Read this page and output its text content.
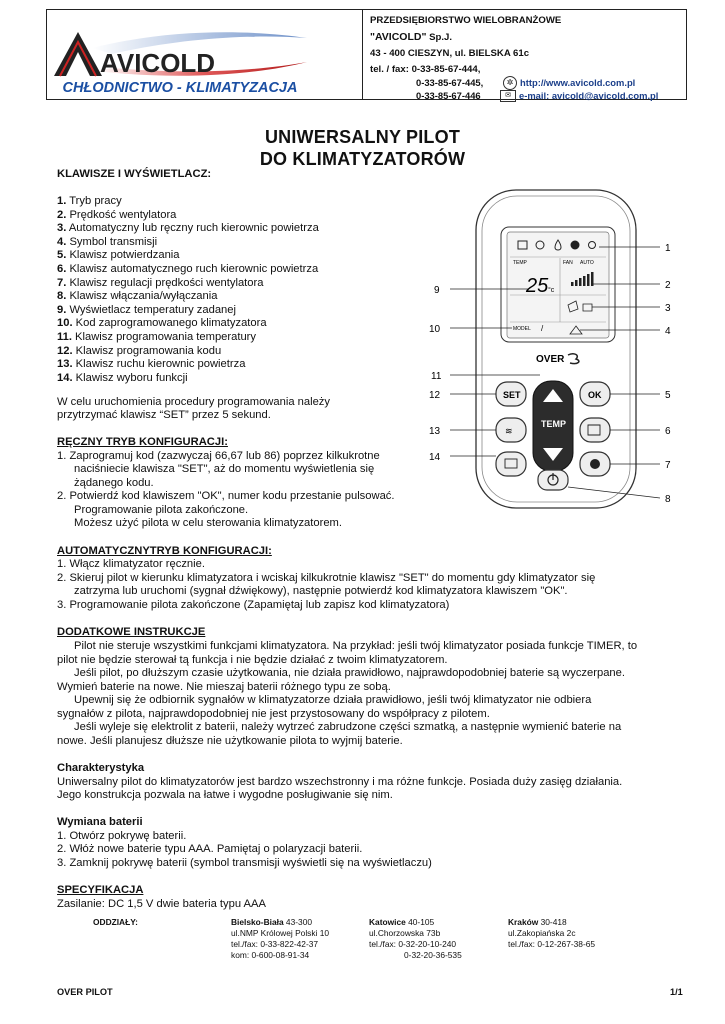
AVICOLD
CHŁODNICTWO - KLIMATYZACJA
PRZEDSIĘBIORSTWO WIELOBRANŻOWE
"AVICOLD" Sp.J.
43 - 400 CIESZYN, ul. BIELSKA 61c
tel. / fax: 0-33-85-67-444,
0-33-85-67-445,
0-33-85-67-446
✲ http://www.avicold.com.pl
✉ e-mail: avicold@avicold.com.pl
UNIWERSALNY PILOT
DO KLIMATYZATORÓW
KLAWISZE I WYŚWIETLACZ:
1. Tryb pracy
2. Prędkość wentylatora
3. Automatyczny lub ręczny ruch kierownic powietrza
4. Symbol transmisji
5. Klawisz potwierdzania
6. Klawisz automatycznego ruch kierownic powietrza
7. Klawisz regulacji prędkości wentylatora
8. Klawisz włączania/wyłączania
9. Wyświetlacz temperatury zadanej
10. Kod zaprogramowanego klimatyzatora
11. Klawisz programowania temperatury
12. Klawisz programowania kodu
13. Klawisz ruchu kierownic powietrza
14. Klawisz wyboru funkcji
W celu uruchomienia procedury programowania należy
przytrzymać klawisz “SET” przez 5 sekund.
RĘCZNY TRYB KONFIGURACJI:
1. Zaprogramuj kod (zazwyczaj 66,67 lub 86) poprzez kilkukrotne
naciśniecie klawisza "SET", aż do momentu wyświetlenia się
żądanego kodu.
2. Potwierdź kod klawiszem "OK", numer kodu przestanie pulsować.
Programowanie pilota zakończone.
Możesz użyć pilota w celu sterowania klimatyzatorem.
AUTOMATYCZNYTRYB KONFIGURACJI:
1. Włącz klimatyzator ręcznie.
2. Skieruj pilot w kierunku klimatyzatora i wciskaj kilkukrotnie klawisz "SET" do momentu gdy klimatyzator się
zatrzyma lub uruchomi (sygnał dźwiękowy), następnie potwierdź kod klimatyzatora klawiszem "OK".
3. Programowanie pilota zakończone (Zapamiętaj lub zapisz kod klimatyzatora)
DODATKOWE INSTRUKCJE
Pilot nie steruje wszystkimi funkcjami klimatyzatora. Na przykład: jeśli twój klimatyzator posiada funkcje TIMER, to
pilot nie będzie sterował tą funkcja i nie będzie działać z twoim klimatyzatorem.
Jeśli pilot, po dłuższym czasie użytkowania, nie działa prawidłowo, najprawdopodobniej baterie są wyczerpane.
Wymień baterie na nowe. Nie mieszaj baterii różnego typu ze sobą.
Upewnij się że odbiornik sygnałów w klimatyzatorze działa prawidłowo, jeśli twój klimatyzator nie odbiera
sygnałów z pilota, najprawdopodobniej nie jest przystosowany do współpracy z pilotem.
Jeśli wyleje się elektrolit z baterii, należy wytrzeć zabrudzone części szmatką, a następnie wymienić baterie na
nowe. Jeśli planujesz dłuższe nie użytkowanie pilota to wyjmij baterie.
Charakterystyka
Uniwersalny pilot do klimatyzatorów jest bardzo wszechstronny i ma różne funkcje. Posiada duży zasięg działania.
Jego konstrukcja pozwala na łatwe i wygodne posługiwanie się nim.
Wymiana baterii
1. Otwórz pokrywę baterii.
2. Włóż nowe baterie typu AAA. Pamiętaj o polaryzacji baterii.
3. Zamknij pokrywę baterii (symbol transmisji wyświetli się na wyświetlaczu)
SPECYFIKACJA
Zasilanie: DC 1,5 V dwie bateria typu AAA
ODDZIAŁY:	Bielsko-Biała 43-300
ul.NMP Królowej Polski 10
tel./fax: 0-33-822-42-37
kom: 0-600-08-91-34
Katowice 40-105
ul.Chorzowska 73b
tel./fax: 0-32-20-10-240
0-32-20-36-535
Kraków 30-418
ul.Zakopiańska 2c
tel./fax: 0-12-267-38-65
OVER PILOT	1/1
TEMP	FAN AUTO
25 °c
MODEL /
OVER
SET	OK
TEMP
≋
1
2
3
4
5
6
7
8
9
10
11
12
13
14
